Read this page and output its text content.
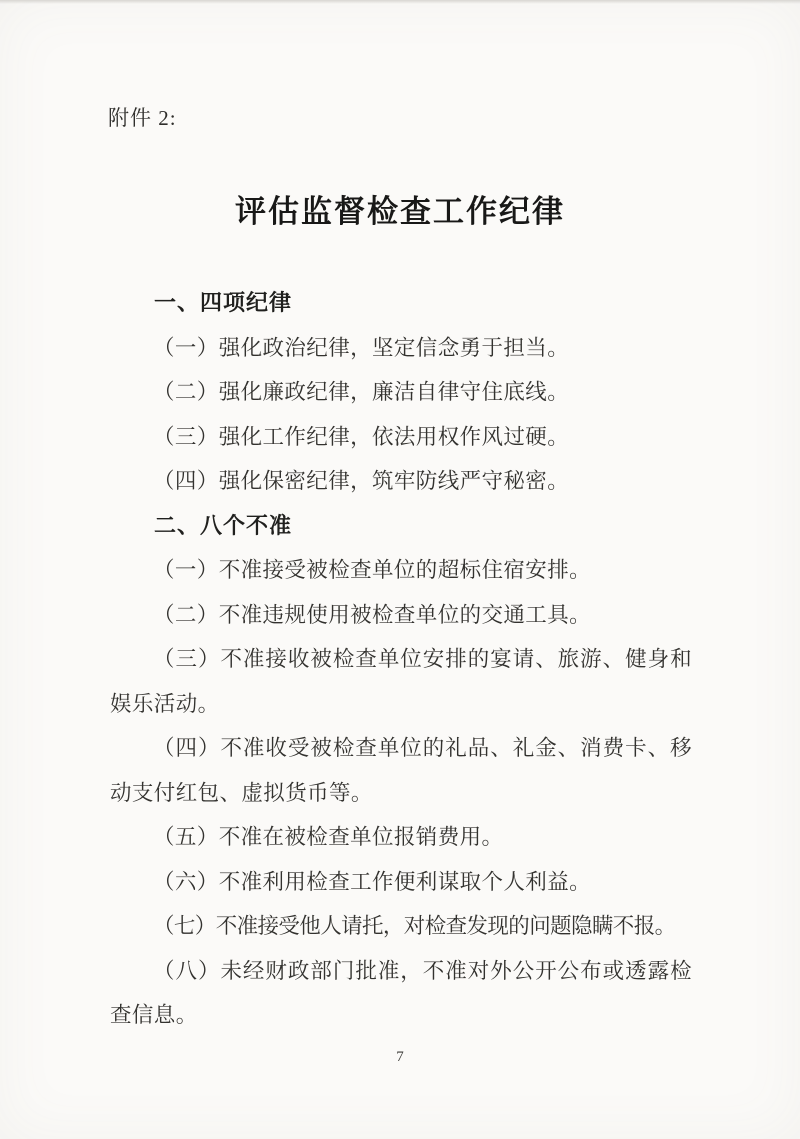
附件 2:
评估监督检查工作纪律

一、四项纪律

（一）强化政治纪律，坚定信念勇于担当。

（二）强化廉政纪律，廉洁自律守住底线。

（三）强化工作纪律，依法用权作风过硬。

（四）强化保密纪律，筑牢防线严守秘密。

二、八个不准

（一）不准接受被检查单位的超标住宿安排。

（二）不准违规使用被检查单位的交通工具。

（三）不准接收被检查单位安排的宴请、旅游、健身和娱乐活动。

（四）不准收受被检查单位的礼品、礼金、消费卡、移动支付红包、虚拟货币等。

（五）不准在被检查单位报销费用。

（六）不准利用检查工作便利谋取个人利益。

（七）不准接受他人请托，对检查发现的问题隐瞒不报。

（八）未经财政部门批准，不准对外公开公布或透露检查信息。

7
